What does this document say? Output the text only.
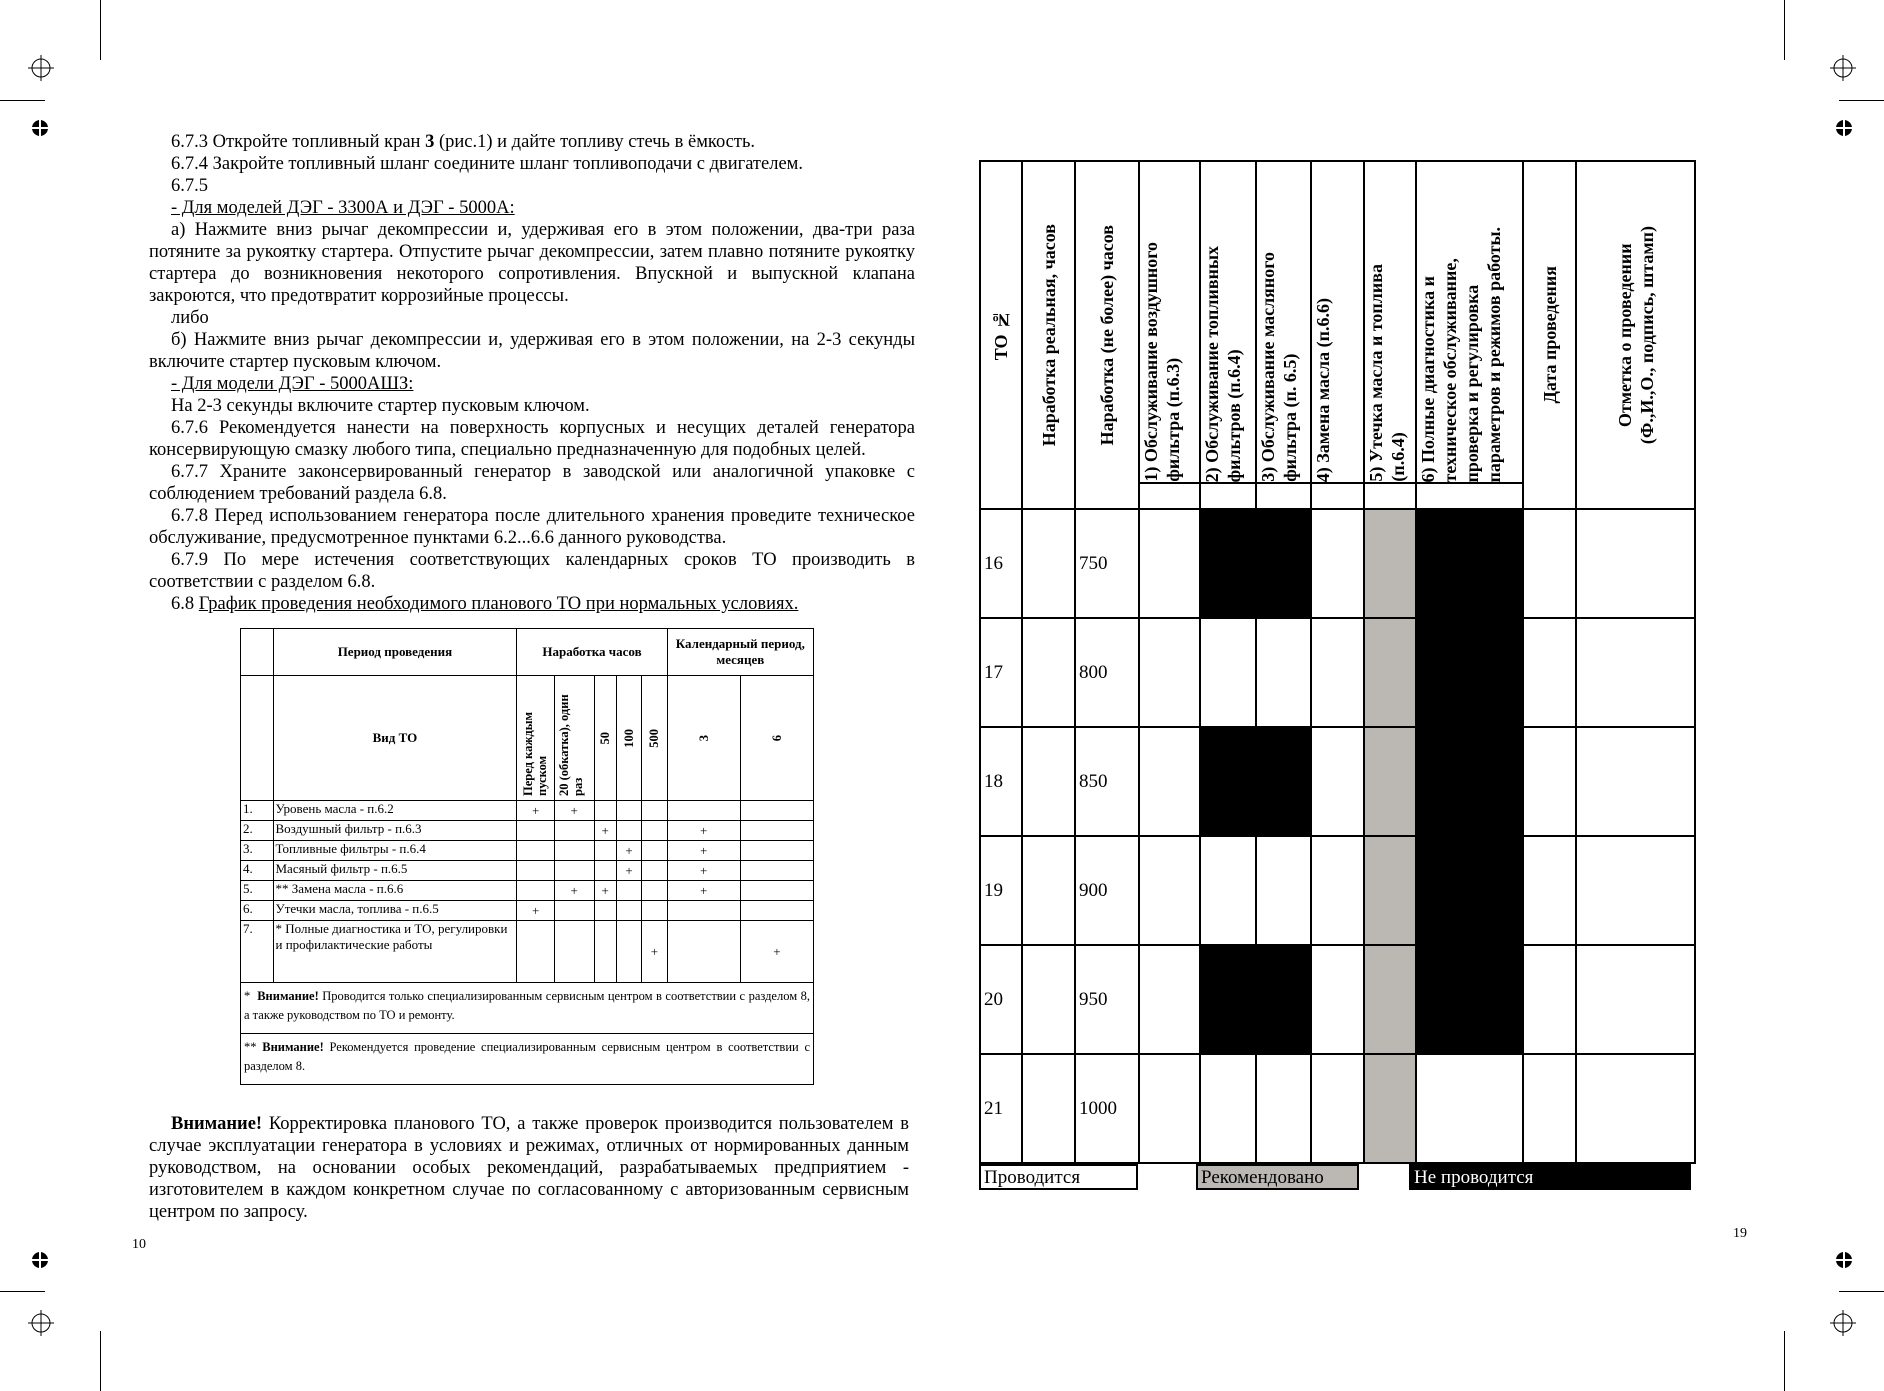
6.7.3 Откройте топливный кран 3 (рис.1) и дайте топливу стечь в ёмкость.

6.7.4 Закройте топливный шланг соедините шланг топливоподачи с двигателем.

6.7.5

- Для моделей ДЭГ - 3300А и ДЭГ - 5000А:

а) Нажмите вниз рычаг декомпрессии и, удерживая его в этом положении, два-три раза потяните за рукоятку стартера. Отпустите рычаг декомпрессии, затем плавно потяните рукоятку стартера до возникновения некоторого сопротивления. Впускной и выпускной клапана закроются, что предотвратит коррозийные процессы.

либо

б) Нажмите вниз рычаг декомпрессии и, удерживая его в этом положении, на 2-3 секунды включите стартер пусковым ключом.

- Для модели ДЭГ - 5000АШЗ:

На 2-3 секунды включите стартер пусковым ключом.

6.7.6 Рекомендуется нанести на поверхность корпусных и несущих деталей генератора консервирующую смазку любого типа, специально предназначенную для подобных целей.

6.7.7 Храните законсервированный генератор в заводской или аналогичной упаковке с соблюдением требований раздела 6.8.

6.7.8 Перед использованием генератора после длительного хранения проведите техническое обслуживание, предусмотренное пунктами 6.2...6.6 данного руководства.

6.7.9 По мере истечения соответствующих календарных сроков ТО производить в соответствии с разделом 6.8.

6.8 График проведения необходимого планового ТО при нормальных условиях.

	Период проведения	Наработка часов					Календарный период, месяцев	
	Вид ТО	Перед каждым пуском	20 (обкатка), один раз	50	100	500	3	6

1.	Уровень масла - п.6.2	+	+					
2.	Воздушный фильтр - п.6.3			+			+	
3.	Топливные фильтры - п.6.4				+		+	
4.	Масяный фильтр - п.6.5				+		+	
5.	** Замена масла - п.6.6		+	+			+	
6.	Утечки масла, топлива - п.6.5	+						
7.	* Полные диагностика и ТО, регулировки и профилактические работы					+		+
* Внимание! Проводится только специализированным сервисным центром в соответствии с разделом 8, а также руководством по ТО и ремонту.								
** Внимание! Рекомендуется проведение специализированным сервисным центром в соответствии с разделом 8.								

Внимание! Корректировка планового ТО, а также проверок производится пользователем в случае эксплуатации генератора в условиях и режимах, отличных от нормированных данным руководством, на основании особых рекомендаций, разрабатываемых предприятием - изготовителем в каждом конкретном случае по согласованному с авторизованным сервисным центром по запросу.

10
ТО №	Наработка реальная, часов	Наработка (не более) часов	1) Обслуживание воздушного фильтра (п.6.3)	2) Обслуживание топливных фильтров (п.6.4)	3) Обслуживание масляного фильтра (п. 6.5)	4) Замена масла (п.6.6)	5) Утечка масла и топлива (п.6.4)	6) Полные диагностика и техническое обслуживание, проверка и регулировка параметров и режимов работы.	Дата проведения	Отметка о проведении (Ф.,И.,О., подпись, штамп)

16		750								
17		800								
18		850								
19		900								
20		950								
21		1000								
Проводится	Рекомендовано	Не проводится
19
